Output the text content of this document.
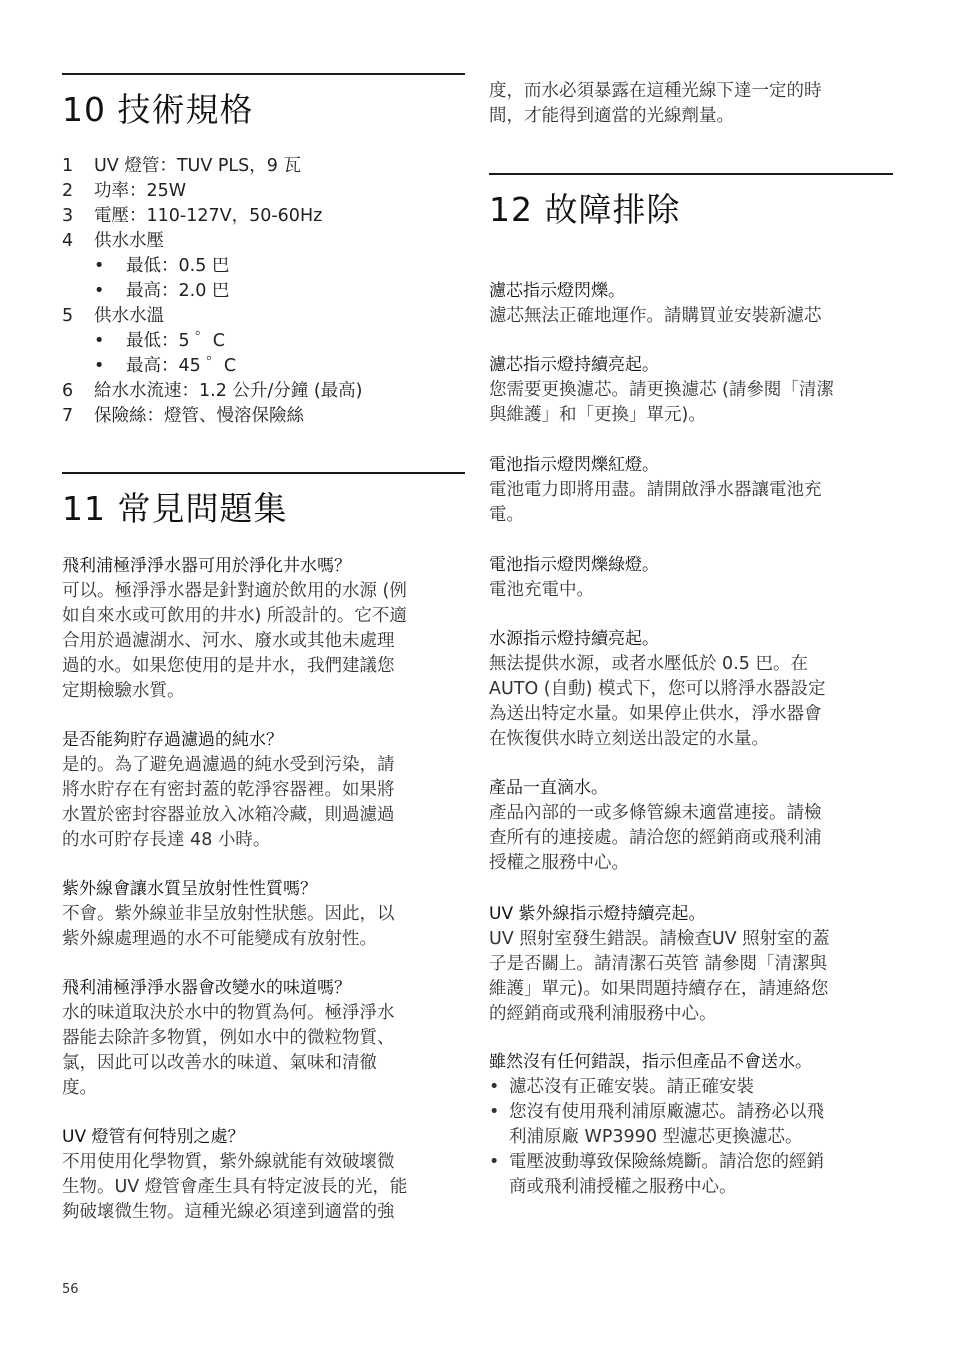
10 技術規格
1	UV 燈管：TUV PLS，9 瓦
2	功率：25W
3	電壓：110-127V，50-60Hz
4	供水水壓
• 最低：0.5 巴
• 最高：2.0 巴
5	供水水溫
• 最低：5 ゜C
• 最高：45 ゜C
6	給水水流速：1.2 公升/分鐘 (最高)
7	保險絲：燈管、慢溶保險絲
11 常見問題集
飛利浦極淨淨水器可用於淨化井水嗎？
可以。極淨淨水器是針對適於飲用的水源 (例
如自來水或可飲用的井水) 所設計的。它不適
合用於過濾湖水、河水、廢水或其他未處理
過的水。如果您使用的是井水，我們建議您
定期檢驗水質。
是否能夠貯存過濾過的純水？
是的。為了避免過濾過的純水受到污染，請
將水貯存在有密封蓋的乾淨容器裡。如果將
水置於密封容器並放入冰箱冷藏，則過濾過
的水可貯存長達 48 小時。
紫外線會讓水質呈放射性性質嗎？
不會。紫外線並非呈放射性狀態。因此，以
紫外線處理過的水不可能變成有放射性。
飛利浦極淨淨水器會改變水的味道嗎？
水的味道取決於水中的物質為何。極淨淨水
器能去除許多物質，例如水中的微粒物質、
氯，因此可以改善水的味道、氣味和清徹
度。
UV 燈管有何特別之處？
不用使用化學物質，紫外線就能有效破壞微
生物。UV 燈管會產生具有特定波長的光，能
夠破壞微生物。這種光線必須達到適當的強
度，而水必須暴露在這種光線下達一定的時
間，才能得到適當的光線劑量。
12 故障排除
濾芯指示燈閃爍。
濾芯無法正確地運作。請購買並安裝新濾芯
濾芯指示燈持續亮起。
您需要更換濾芯。請更換濾芯 (請參閱「清潔
與維護」和「更換」單元)。
電池指示燈閃爍紅燈。
電池電力即將用盡。請開啟淨水器讓電池充
電。
電池指示燈閃爍綠燈。
電池充電中。
水源指示燈持續亮起。
無法提供水源，或者水壓低於 0.5 巴。在
AUTO (自動) 模式下，您可以將淨水器設定
為送出特定水量。如果停止供水，淨水器會
在恢復供水時立刻送出設定的水量。
產品一直滴水。
產品內部的一或多條管線未適當連接。請檢
查所有的連接處。請洽您的經銷商或飛利浦
授權之服務中心。
UV 紫外線指示燈持續亮起。
UV 照射室發生錯誤。請檢查UV 照射室的蓋
子是否關上。請清潔石英管 請參閱「清潔與
維護」單元)。如果問題持續存在，請連絡您
的經銷商或飛利浦服務中心。
雖然沒有任何錯誤，指示但產品不會送水。
• 濾芯沒有正確安裝。請正確安裝
• 您沒有使用飛利浦原廠濾芯。請務必以飛
利浦原廠 WP3990 型濾芯更換濾芯。
• 電壓波動導致保險絲燒斷。請洽您的經銷
商或飛利浦授權之服務中心。
56
